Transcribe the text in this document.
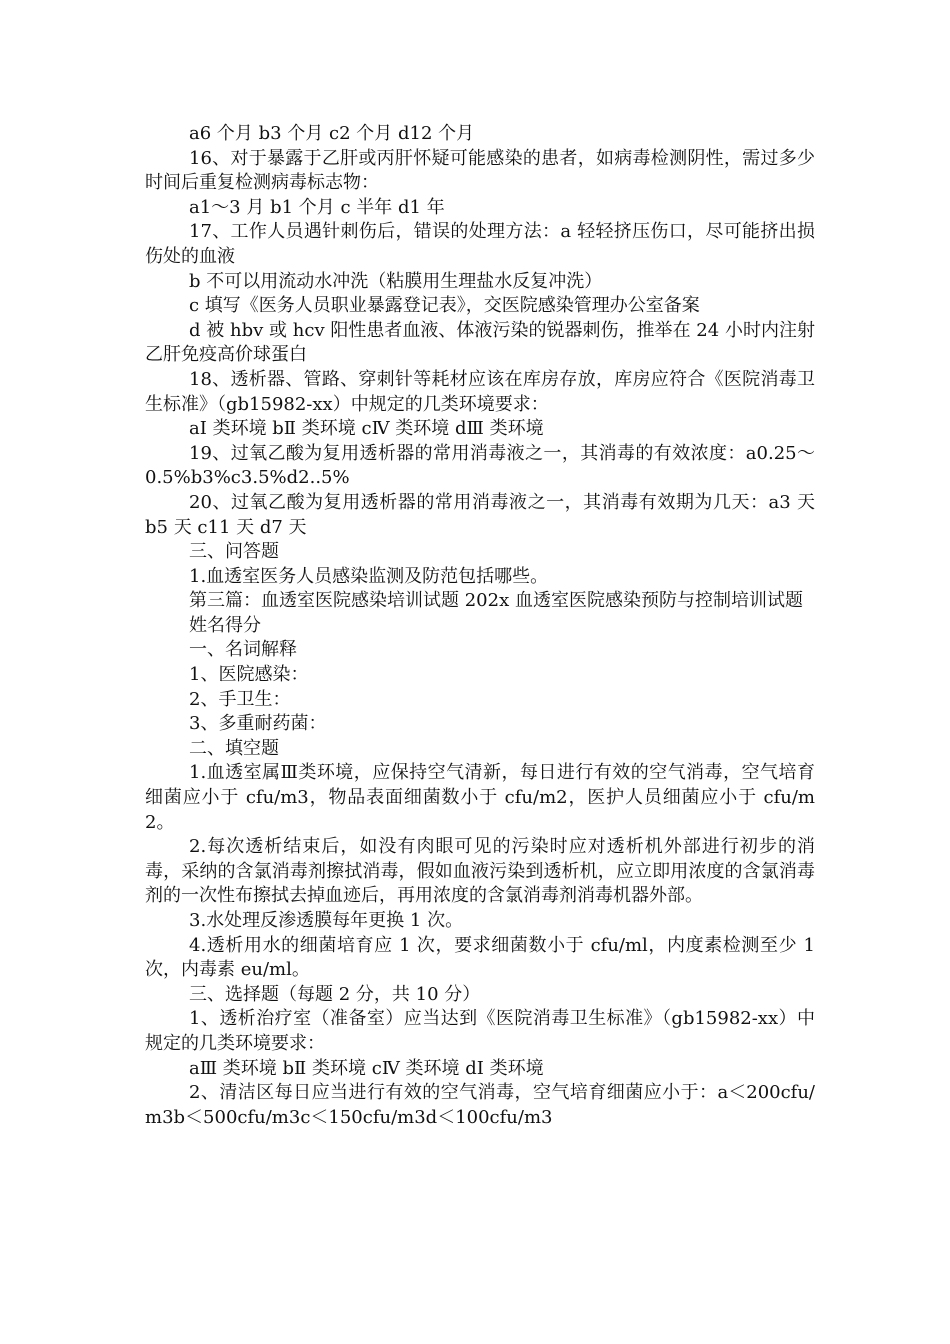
a6 个月 b3 个月 c2 个月 d12 个月

16、对于暴露于乙肝或丙肝怀疑可能感染的患者，如病毒检测阴性，需过多少时间后重复检测病毒标志物：

a1～3 月 b1 个月 c 半年 d1 年

17、工作人员遇针刺伤后，错误的处理方法：a 轻轻挤压伤口，尽可能挤出损伤处的血液

b 不可以用流动水冲洗（粘膜用生理盐水反复冲洗）

c 填写《医务人员职业暴露登记表》，交医院感染管理办公室备案

d 被 hbv 或 hcv 阳性患者血液、体液污染的锐器刺伤，推举在 24 小时内注射乙肝免疫高价球蛋白

18、透析器、管路、穿刺针等耗材应该在库房存放，库房应符合《医院消毒卫生标准》（gb15982-xx）中规定的几类环境要求：

aⅠ 类环境 bⅡ 类环境 cⅣ 类环境 dⅢ 类环境

19、过氧乙酸为复用透析器的常用消毒液之一，其消毒的有效浓度：a0.25～0.5%b3%c3.5%d2..5%

20、过氧乙酸为复用透析器的常用消毒液之一，其消毒有效期为几天：a3 天 b5 天 c11 天 d7 天

三、问答题

1.血透室医务人员感染监测及防范包括哪些。

第三篇：血透室医院感染培训试题 202x 血透室医院感染预防与控制培训试题

姓名得分

一、名词解释

1、医院感染：

2、手卫生：

3、多重耐药菌：

二、填空题

1.血透室属Ⅲ类环境，应保持空气清新，每日进行有效的空气消毒，空气培育细菌应小于 cfu/m3，物品表面细菌数小于 cfu/m2，医护人员细菌应小于 cfu/m2。

2.每次透析结束后，如没有肉眼可见的污染时应对透析机外部进行初步的消毒，采纳的含氯消毒剂擦拭消毒，假如血液污染到透析机，应立即用浓度的含氯消毒剂的一次性布擦拭去掉血迹后，再用浓度的含氯消毒剂消毒机器外部。

3.水处理反渗透膜每年更换 1 次。

4.透析用水的细菌培育应 1 次，要求细菌数小于 cfu/ml，内度素检测至少 1 次，内毒素 eu/ml。

三、选择题（每题 2 分，共 10 分）

1、透析治疗室（准备室）应当达到《医院消毒卫生标准》（gb15982-xx）中规定的几类环境要求：

aⅢ 类环境 bⅡ 类环境 cⅣ 类环境 dⅠ 类环境

2、清洁区每日应当进行有效的空气消毒，空气培育细菌应小于：a＜200cfu/m3b＜500cfu/m3c＜150cfu/m3d＜100cfu/m3
